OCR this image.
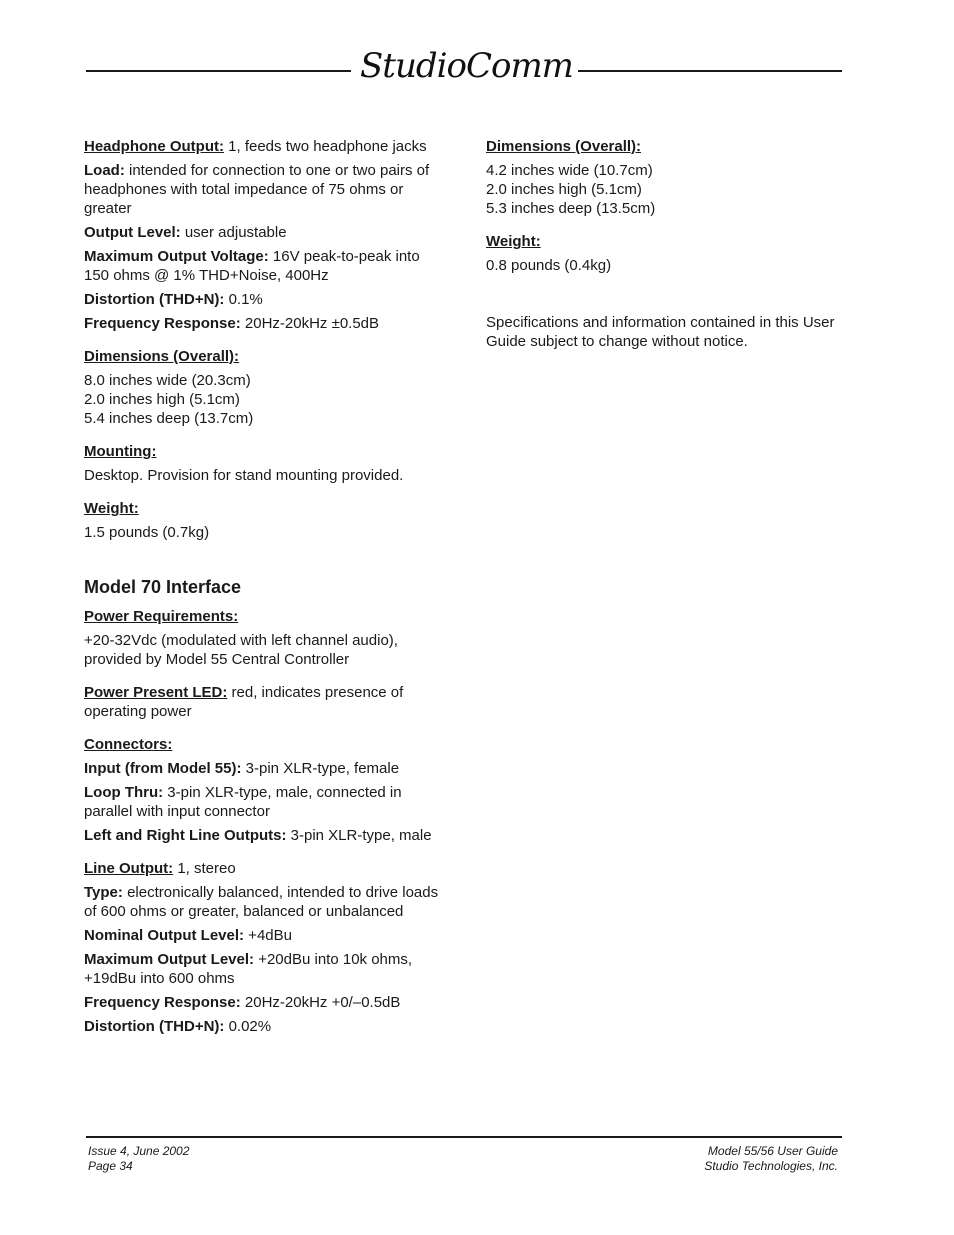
StudioComm

Headphone Output: 1, feeds two headphone jacks

Load: intended for connection to one or two pairs of headphones with total impedance of 75 ohms or greater

Output Level: user adjustable

Maximum Output Voltage: 16V peak-to-peak into 150 ohms @ 1% THD+Noise, 400Hz

Distortion (THD+N): 0.1%

Frequency Response: 20Hz-20kHz ±0.5dB

Dimensions (Overall):

8.0 inches wide (20.3cm)
2.0 inches high (5.1cm)
5.4 inches deep (13.7cm)

Mounting:

Desktop. Provision for stand mounting provided.

Weight:

1.5 pounds (0.7kg)

Model 70 Interface

Power Requirements:

+20-32Vdc (modulated with left channel audio), provided by Model 55 Central Controller

Power Present LED: red, indicates presence of operating power

Connectors:

Input (from Model 55): 3-pin XLR-type, female

Loop Thru: 3-pin XLR-type, male, connected in parallel with input connector

Left and Right Line Outputs: 3-pin XLR-type, male

Line Output: 1, stereo

Type: electronically balanced, intended to drive loads of 600 ohms or greater, balanced or unbalanced

Nominal Output Level: +4dBu

Maximum Output Level: +20dBu into 10k ohms, +19dBu into 600 ohms

Frequency Response: 20Hz-20kHz +0/–0.5dB

Distortion (THD+N): 0.02%

Dimensions (Overall):

4.2 inches wide (10.7cm)
2.0 inches high (5.1cm)
5.3 inches deep (13.5cm)

Weight:

0.8 pounds (0.4kg)

Specifications and information contained in this User Guide subject to change without notice.

Issue 4, June 2002
Page 34
Model 55/56 User Guide
Studio Technologies, Inc.
